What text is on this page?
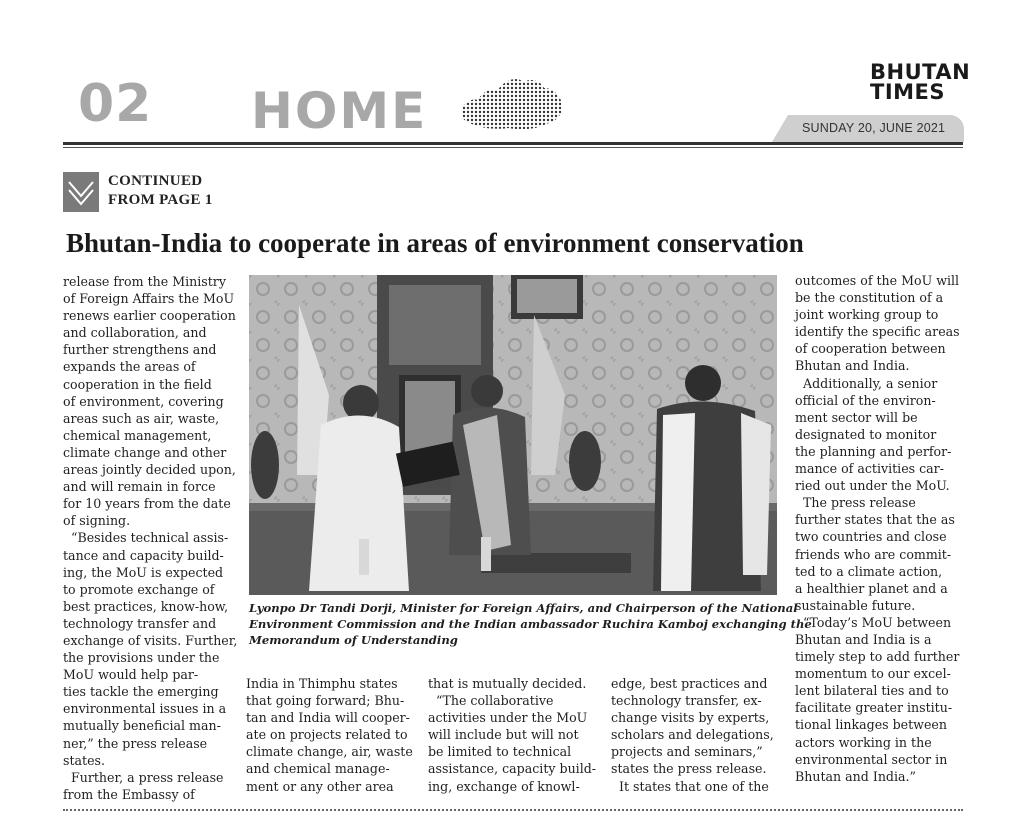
02 HOME
BHUTAN
TIMES
SUNDAY 20, JUNE 2021
CONTINUED
FROM PAGE 1
Bhutan-India to cooperate in areas of environment conservation
release from the Ministry
of Foreign Affairs the MoU
renews earlier cooperation
and collaboration, and
further strengthens and
expands the areas of
cooperation in the field
of environment, covering
areas such as air, waste,
chemical management,
climate change and other
areas jointly decided upon,
and will remain in force
for 10 years from the date
of signing.
“Besides technical assis-
tance and capacity build-
ing, the MoU is expected
to promote exchange of
best practices, know-how,
technology transfer and
exchange of visits. Further,
the provisions under the
MoU would help par-
ties tackle the emerging
environmental issues in a
mutually beneficial man-
ner,” the press release
states.
Further, a press release
from the Embassy of
Lyonpo Dr Tandi Dorji, Minister for Foreign Affairs, and Chairperson of the National
Environment Commission and the Indian ambassador Ruchira Kamboj exchanging the
Memorandum of Understanding
India in Thimphu states
that going forward; Bhu-
tan and India will cooper-
ate on projects related to
climate change, air, waste
and chemical manage-
ment or any other area
that is mutually decided.
“The collaborative
activities under the MoU
will include but will not
be limited to technical
assistance, capacity build-
ing, exchange of knowl-
edge, best practices and
technology transfer, ex-
change visits by experts,
scholars and delegations,
projects and seminars,”
states the press release.
It states that one of the
outcomes of the MoU will
be the constitution of a
joint working group to
identify the specific areas
of cooperation between
Bhutan and India.
Additionally, a senior
official of the environ-
ment sector will be
designated to monitor
the planning and perfor-
mance of activities car-
ried out under the MoU.
The press release
further states that the as
two countries and close
friends who are commit-
ted to a climate action,
a healthier planet and a
sustainable future.
“Today’s MoU between
Bhutan and India is a
timely step to add further
momentum to our excel-
lent bilateral ties and to
facilitate greater institu-
tional linkages between
actors working in the
environmental sector in
Bhutan and India.”
